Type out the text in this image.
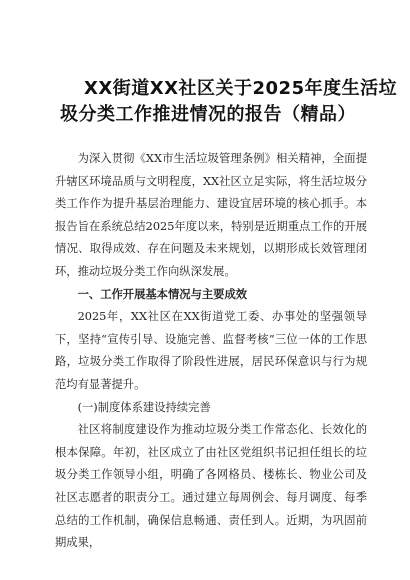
XX街道XX社区关于2025年度生活垃
圾分类工作推进情况的报告（精品）

为深入贯彻《XX市生活垃圾管理条例》相关精神，全面提升辖区环境品质与文明程度，XX社区立足实际，将生活垃圾分类工作作为提升基层治理能力、建设宜居环境的核心抓手。本报告旨在系统总结2025年度以来，特别是近期重点工作的开展情况、取得成效、存在问题及未来规划，以期形成长效管理闭环，推动垃圾分类工作向纵深发展。

一、工作开展基本情况与主要成效

2025年，XX社区在XX街道党工委、办事处的坚强领导下，坚持“宣传引导、设施完善、监督考核”三位一体的工作思路，垃圾分类工作取得了阶段性进展，居民环保意识与行为规范均有显著提升。

(一)制度体系建设持续完善

社区将制度建设作为推动垃圾分类工作常态化、长效化的根本保障。年初，社区成立了由社区党组织书记担任组长的垃圾分类工作领导小组，明确了各网格员、楼栋长、物业公司及社区志愿者的职责分工。通过建立每周例会、每月调度、每季总结的工作机制，确保信息畅通、责任到人。近期，为巩固前期成果，
